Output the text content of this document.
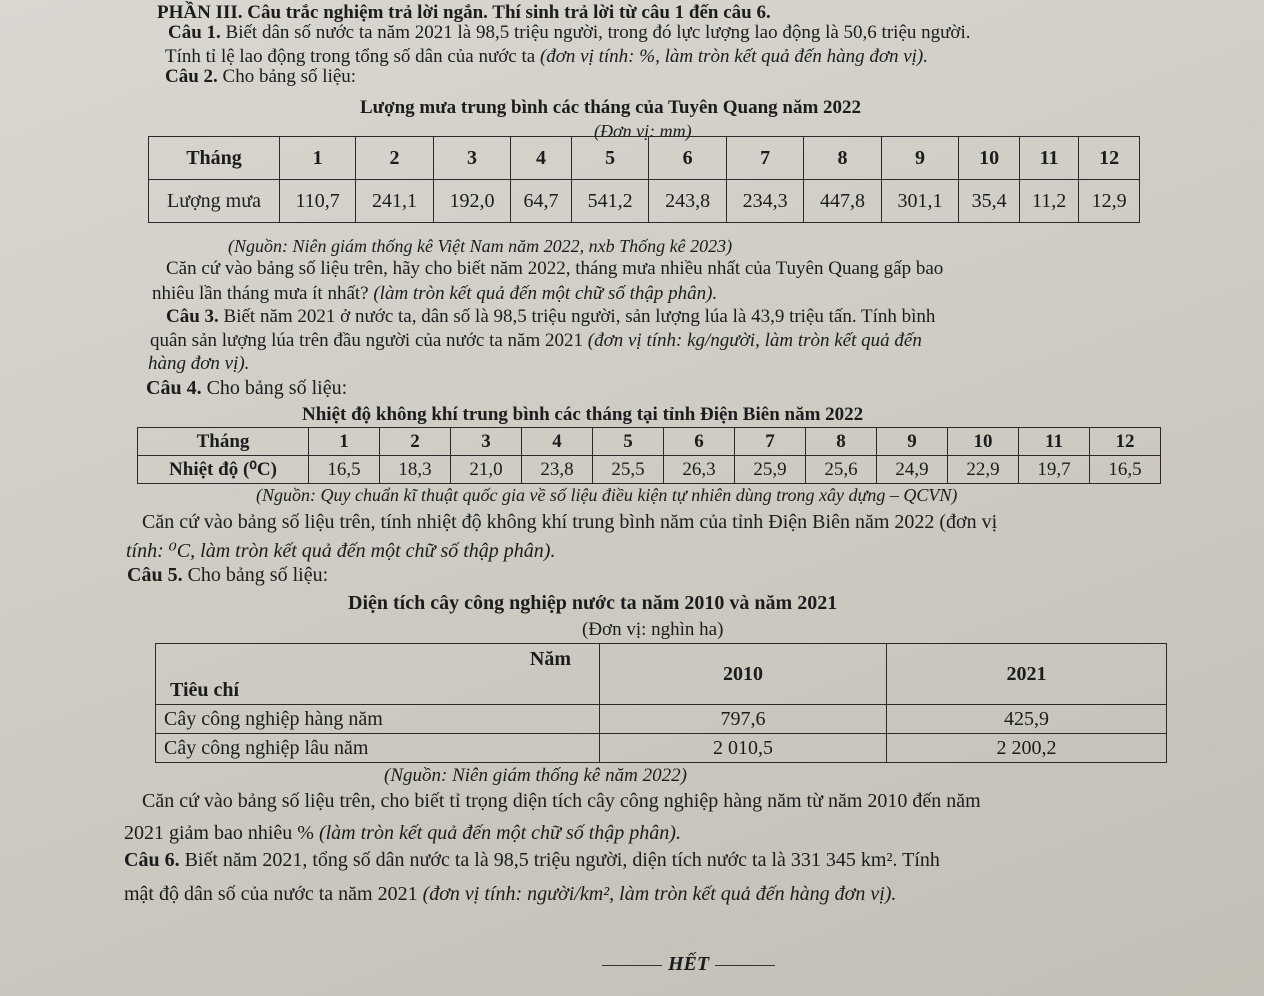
PHẦN III. Câu trắc nghiệm trả lời ngắn. Thí sinh trả lời từ câu 1 đến câu 6.
Câu 1. Biết dân số nước ta năm 2021 là 98,5 triệu người, trong đó lực lượng lao động là 50,6 triệu người.
Tính tỉ lệ lao động trong tổng số dân của nước ta (đơn vị tính: %, làm tròn kết quả đến hàng đơn vị).
Câu 2. Cho bảng số liệu:
Lượng mưa trung bình các tháng của Tuyên Quang năm 2022
(Đơn vị: mm)
Tháng	1	2	3	4	5	6	7	8	9	10	11	12
Lượng mưa	110,7	241,1	192,0	64,7	541,2	243,8	234,3	447,8	301,1	35,4	11,2	12,9
(Nguồn: Niên giám thống kê Việt Nam năm 2022, nxb Thống kê 2023)
Căn cứ vào bảng số liệu trên, hãy cho biết năm 2022, tháng mưa nhiều nhất của Tuyên Quang gấp bao
nhiêu lần tháng mưa ít nhất? (làm tròn kết quả đến một chữ số thập phân).
Câu 3. Biết năm 2021 ở nước ta, dân số là 98,5 triệu người, sản lượng lúa là 43,9 triệu tấn. Tính bình
quân sản lượng lúa trên đầu người của nước ta năm 2021 (đơn vị tính: kg/người, làm tròn kết quả đến
hàng đơn vị).
Câu 4. Cho bảng số liệu:
Nhiệt độ không khí trung bình các tháng tại tỉnh Điện Biên năm 2022
Tháng	1	2	3	4	5	6	7	8	9	10	11	12
Nhiệt độ (⁰C)	16,5	18,3	21,0	23,8	25,5	26,3	25,9	25,6	24,9	22,9	19,7	16,5
(Nguồn: Quy chuẩn kĩ thuật quốc gia về số liệu điều kiện tự nhiên dùng trong xây dựng – QCVN)
Căn cứ vào bảng số liệu trên, tính nhiệt độ không khí trung bình năm của tỉnh Điện Biên năm 2022 (đơn vị
tính: ⁰C, làm tròn kết quả đến một chữ số thập phân).
Câu 5. Cho bảng số liệu:
Diện tích cây công nghiệp nước ta năm 2010 và năm 2021
(Đơn vị: nghìn ha)
Năm
Tiêu chí	2010	2021
Cây công nghiệp hàng năm	797,6	425,9
Cây công nghiệp lâu năm	2 010,5	2 200,2
(Nguồn: Niên giám thống kê năm 2022)
Căn cứ vào bảng số liệu trên, cho biết tỉ trọng diện tích cây công nghiệp hàng năm từ năm 2010 đến năm
2021 giảm bao nhiêu % (làm tròn kết quả đến một chữ số thập phân).
Câu 6. Biết năm 2021, tổng số dân nước ta là 98,5 triệu người, diện tích nước ta là 331 345 km². Tính
mật độ dân số của nước ta năm 2021 (đơn vị tính: người/km², làm tròn kết quả đến hàng đơn vị).
HẾT
